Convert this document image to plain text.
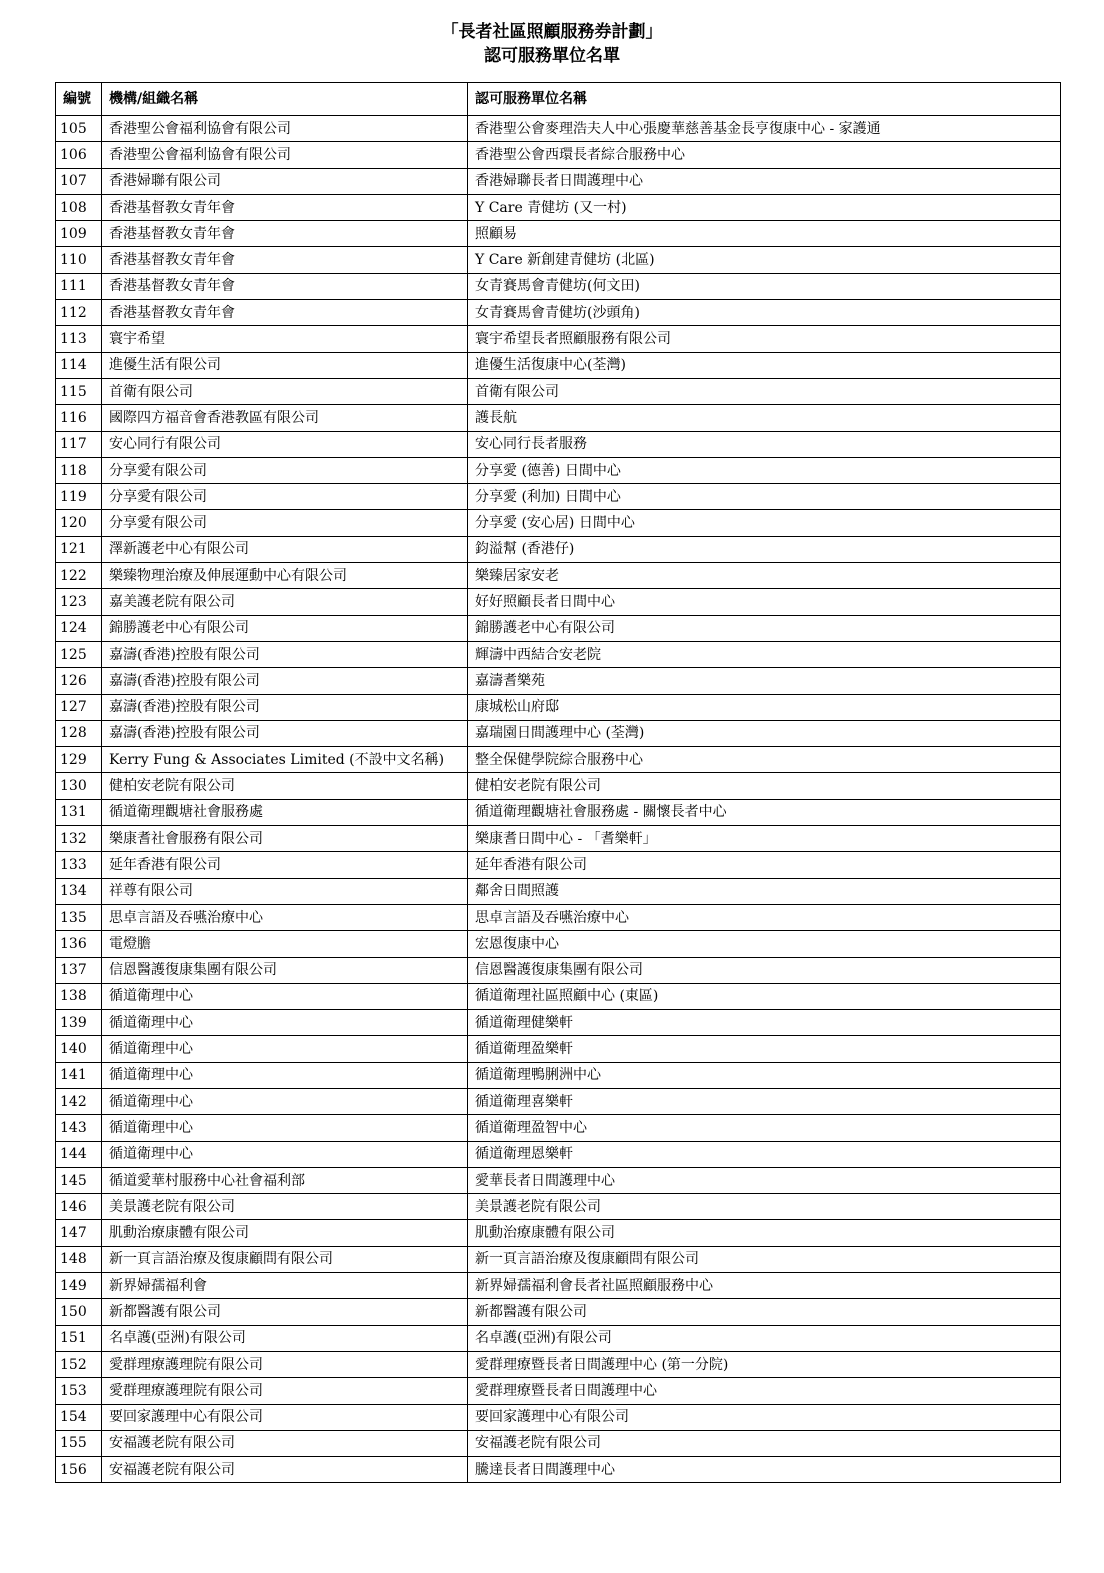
「長者社區照顧服務券計劃」
認可服務單位名單
編號	機構/組織名稱	認可服務單位名稱
105	香港聖公會福利協會有限公司	香港聖公會麥理浩夫人中心張慶華慈善基金長亨復康中心 - 家護通
106	香港聖公會福利協會有限公司	香港聖公會西環長者綜合服務中心
107	香港婦聯有限公司	香港婦聯長者日間護理中心
108	香港基督教女青年會	Y Care 青健坊 (又一村)
109	香港基督教女青年會	照顧易
110	香港基督教女青年會	Y Care 新創建青健坊 (北區)
111	香港基督教女青年會	女青賽馬會青健坊(何文田)
112	香港基督教女青年會	女青賽馬會青健坊(沙頭角)
113	寰宇希望	寰宇希望長者照顧服務有限公司
114	進優生活有限公司	進優生活復康中心(荃灣)
115	首衛有限公司	首衛有限公司
116	國際四方福音會香港教區有限公司	護長航
117	安心同行有限公司	安心同行長者服務
118	分享愛有限公司	分享愛 (德善) 日間中心
119	分享愛有限公司	分享愛 (利加) 日間中心
120	分享愛有限公司	分享愛 (安心居) 日間中心
121	澤新護老中心有限公司	鈞溢幫 (香港仔)
122	樂臻物理治療及伸展運動中心有限公司	樂臻居家安老
123	嘉美護老院有限公司	好好照顧長者日間中心
124	錦勝護老中心有限公司	錦勝護老中心有限公司
125	嘉濤(香港)控股有限公司	輝濤中西結合安老院
126	嘉濤(香港)控股有限公司	嘉濤耆樂苑
127	嘉濤(香港)控股有限公司	康城松山府邸
128	嘉濤(香港)控股有限公司	嘉瑞園日間護理中心 (荃灣)
129	Kerry Fung & Associates Limited (不設中文名稱)	整全保健學院綜合服務中心
130	健柏安老院有限公司	健柏安老院有限公司
131	循道衛理觀塘社會服務處	循道衛理觀塘社會服務處 - 關懷長者中心
132	樂康耆社會服務有限公司	樂康耆日間中心 - 「耆樂軒」
133	延年香港有限公司	延年香港有限公司
134	祥尊有限公司	鄰舍日間照護
135	思卓言語及吞嚥治療中心	思卓言語及吞嚥治療中心
136	電燈膽	宏恩復康中心
137	信恩醫護復康集團有限公司	信恩醫護復康集團有限公司
138	循道衛理中心	循道衛理社區照顧中心 (東區)
139	循道衛理中心	循道衛理健樂軒
140	循道衛理中心	循道衛理盈樂軒
141	循道衛理中心	循道衛理鴨脷洲中心
142	循道衛理中心	循道衛理喜樂軒
143	循道衛理中心	循道衛理盈智中心
144	循道衛理中心	循道衛理恩樂軒
145	循道愛華村服務中心社會福利部	愛華長者日間護理中心
146	美景護老院有限公司	美景護老院有限公司
147	肌動治療康體有限公司	肌動治療康體有限公司
148	新一頁言語治療及復康顧問有限公司	新一頁言語治療及復康顧問有限公司
149	新界婦孺福利會	新界婦孺福利會長者社區照顧服務中心
150	新都醫護有限公司	新都醫護有限公司
151	名卓護(亞洲)有限公司	名卓護(亞洲)有限公司
152	愛群理療護理院有限公司	愛群理療暨長者日間護理中心 (第一分院)
153	愛群理療護理院有限公司	愛群理療暨長者日間護理中心
154	要回家護理中心有限公司	要回家護理中心有限公司
155	安福護老院有限公司	安福護老院有限公司
156	安福護老院有限公司	騰達長者日間護理中心
